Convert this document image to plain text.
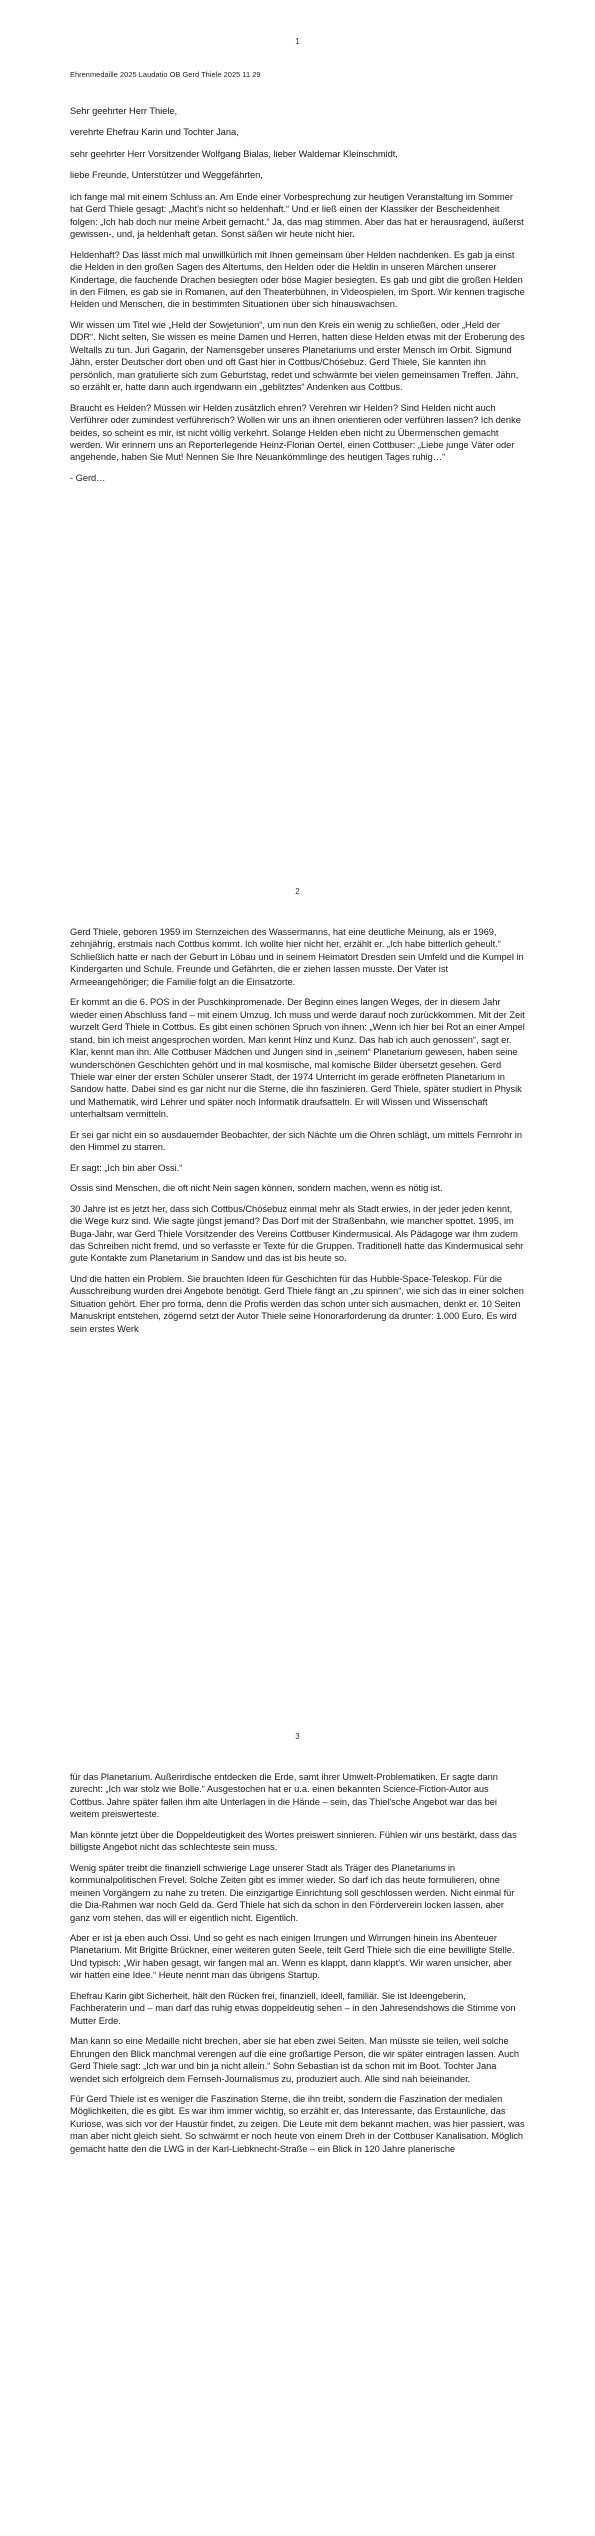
1

Ehrenmedaille 2025 Laudatio OB Gerd Thiele 2025 11 29

Sehr geehrter Herr Thiele,

verehrte Ehefrau Karin und Tochter Jana,

sehr geehrter Herr Vorsitzender Wolfgang Bialas, lieber Waldemar Kleinschmidt,

liebe Freunde, Unterstützer und Weggefährten,

ich fange mal mit einem Schluss an. Am Ende einer Vorbesprechung zur heutigen Veranstaltung im Sommer hat Gerd Thiele gesagt: „Macht's nicht so heldenhaft.“ Und er ließ einen der Klassiker der Bescheidenheit folgen: „Ich hab doch nur meine Arbeit gemacht.“ Ja, das mag stimmen. Aber das hat er herausragend, äußerst gewissen-, und, ja heldenhaft getan. Sonst säßen wir heute nicht hier.

Heldenhaft? Das lässt mich mal unwillkürlich mit Ihnen gemeinsam über Helden nachdenken. Es gab ja einst die Helden in den großen Sagen des Altertums, den Helden oder die Heldin in unseren Märchen unserer Kindertage, die fauchende Drachen besiegten oder böse Magier besiegten. Es gab und gibt die großen Helden in den Filmen, es gab sie in Romanen, auf den Theaterbühnen, in Videospielen, im Sport. Wir kennen tragische Helden und Menschen, die in bestimmten Situationen über sich hinauswachsen.

Wir wissen um Titel wie „Held der Sowjetunion“, um nun den Kreis ein wenig zu schließen, oder „Held der DDR“. Nicht selten, Sie wissen es meine Damen und Herren, hatten diese Helden etwas mit der Eroberung des Weltalls zu tun. Juri Gagarin, der Namensgeber unseres Planetariums und erster Mensch im Orbit. Sigmund Jähn, erster Deutscher dort oben und oft Gast hier in Cottbus/Chóśebuz. Gerd Thiele, Sie kannten ihn persönlich, man gratulierte sich zum Geburtstag, redet und schwärmte bei vielen gemeinsamen Treffen. Jähn, so erzählt er, hatte dann auch irgendwann ein „geblitztes“ Andenken aus Cottbus.

Braucht es Helden? Müssen wir Helden zusätzlich ehren? Verehren wir Helden? Sind Helden nicht auch Verführer oder zumindest verführerisch? Wollen wir uns an ihnen orientieren oder verführen lassen? Ich denke beides, so scheint es mir, ist nicht völlig verkehrt. Solange Helden eben nicht zu Übermenschen gemacht werden. Wir erinnern uns an Reporterlegende Heinz-Florian Oertel, einen Cottbuser: „Liebe junge Väter oder angehende, haben Sie Mut! Nennen Sie Ihre Neuankömmlinge des heutigen Tages ruhig…“

- Gerd…

2

Gerd Thiele, geboren 1959 im Sternzeichen des Wassermanns, hat eine deutliche Meinung, als er 1969, zehnjährig, erstmals nach Cottbus kommt. Ich wollte hier nicht her, erzählt er. „Ich habe bitterlich geheult.“ Schließlich hatte er nach der Geburt in Löbau und in seinem Heimatort Dresden sein Umfeld und die Kumpel in Kindergarten und Schule. Freunde und Gefährten, die er ziehen lassen musste. Der Vater ist Armeeangehöriger; die Familie folgt an die Einsatzorte.

Er kommt an die 6. POS in der Puschkinpromenade. Der Beginn eines langen Weges, der in diesem Jahr wieder einen Abschluss fand – mit einem Umzug. Ich muss und werde darauf noch zurückkommen. Mit der Zeit wurzelt Gerd Thiele in Cottbus. Es gibt einen schönen Spruch von ihnen: „Wenn ich hier bei Rot an einer Ampel stand, bin ich meist angesprochen worden. Man kennt Hinz und Kunz. Das hab ich auch genossen“, sagt er. Klar, kennt man ihn. Alle Cottbuser Mädchen und Jungen sind in „seinem“ Planetarium gewesen, haben seine wunderschönen Geschichten gehört und in mal kosmische, mal komische Bilder übersetzt gesehen. Gerd Thiele war einer der ersten Schüler unserer Stadt, der 1974 Unterricht im gerade eröffneten Planetarium in Sandow hatte. Dabei sind es gar nicht nur die Sterne, die ihn faszinieren. Gerd Thiele, später studiert in Physik und Mathematik, wird Lehrer und später noch Informatik draufsatteln. Er will Wissen und Wissenschaft unterhaltsam vermitteln.

Er sei gar nicht ein so ausdauernder Beobachter, der sich Nächte um die Ohren schlägt, um mittels Fernrohr in den Himmel zu starren.

Er sagt: „Ich bin aber Ossi.“

Ossis sind Menschen, die oft nicht Nein sagen können, sondern machen, wenn es nötig ist.

30 Jahre ist es jetzt her, dass sich Cottbus/Chóśebuz einmal mehr als Stadt erwies, in der jeder jeden kennt, die Wege kurz sind. Wie sagte jüngst jemand? Das Dorf mit der Straßenbahn, wie mancher spottet. 1995, im Buga-Jahr, war Gerd Thiele Vorsitzender des Vereins Cottbuser Kindermusical. Als Pädagoge war ihm zudem das Schreiben nicht fremd, und so verfasste er Texte für die Gruppen. Traditionell hatte das Kindermusical sehr gute Kontakte zum Planetarium in Sandow und das ist bis heute so.

Und die hatten ein Problem. Sie brauchten Ideen für Geschichten für das Hubble-Space-Teleskop. Für die Ausschreibung wurden drei Angebote benötigt. Gerd Thiele fängt an „zu spinnen“, wie sich das in einer solchen Situation gehört. Eher pro forma, denn die Profis werden das schon unter sich ausmachen, denkt er. 10 Seiten Manuskript entstehen, zögernd setzt der Autor Thiele seine Honorarforderung da drunter: 1.000 Euro. Es wird sein erstes Werk

3

für das Planetarium. Außerirdische entdecken die Erde, samt ihrer Umwelt-Problematiken. Er sagte dann zurecht: „Ich war stolz wie Bolle.“ Ausgestochen hat er u.a. einen bekannten Science-Fiction-Autor aus Cottbus. Jahre später fallen ihm alte Unterlagen in die Hände – sein, das Thiel'sche Angebot war das bei weitem preiswerteste.

Man könnte jetzt über die Doppeldeutigkeit des Wortes preiswert sinnieren. Fühlen wir uns bestärkt, dass das billigste Angebot nicht das schlechteste sein muss.

Wenig später treibt die finanziell schwierige Lage unserer Stadt als Träger des Planetariums in kommunalpolitischen Frevel. Solche Zeiten gibt es immer wieder. So darf ich das heute formulieren, ohne meinen Vorgängern zu nahe zu treten. Die einzigartige Einrichtung soll geschlossen werden. Nicht einmal für die Dia-Rahmen war noch Geld da. Gerd Thiele hat sich da schon in den Förderverein locken lassen, aber ganz vorn stehen, das will er eigentlich nicht. Eigentlich.

Aber er ist ja eben auch Ossi. Und so geht es nach einigen Irrungen und Wirrungen hinein ins Abenteuer Planetarium. Mit Brigitte Brückner, einer weiteren guten Seele, teilt Gerd Thiele sich die eine bewilligte Stelle. Und typisch: „Wir haben gesagt, wir fangen mal an. Wenn es klappt, dann klappt's. Wir waren unsicher, aber wir hatten eine Idee.“ Heute nennt man das übrigens Startup.

Ehefrau Karin gibt Sicherheit, hält den Rücken frei, finanziell, ideell, familiär. Sie ist Ideengeberin, Fachberaterin und – man darf das ruhig etwas doppeldeutig sehen – in den Jahresendshows die Stimme von Mutter Erde.

Man kann so eine Medaille nicht brechen, aber sie hat eben zwei Seiten. Man müsste sie teilen, weil solche Ehrungen den Blick manchmal verengen auf die eine großartige Person, die wir später eintragen lassen. Auch Gerd Thiele sagt: „Ich war und bin ja nicht allein.“ Sohn Sebastian ist da schon mit im Boot. Tochter Jana wendet sich erfolgreich dem Fernseh-Journalismus zu, produziert auch. Alle sind nah beieinander.

Für Gerd Thiele ist es weniger die Faszination Sterne, die ihn treibt, sondern die Faszination der medialen Möglichkeiten, die es gibt. Es war ihm immer wichtig, so erzählt er, das Interessante, das Erstaunliche, das Kuriose, was sich vor der Haustür findet, zu zeigen. Die Leute mit dem bekannt machen, was hier passiert, was man aber nicht gleich sieht. So schwärmt er noch heute von einem Dreh in der Cottbuser Kanalisation. Möglich gemacht hatte den die LWG in der Karl-Liebknecht-Straße – ein Blick in 120 Jahre planerische
